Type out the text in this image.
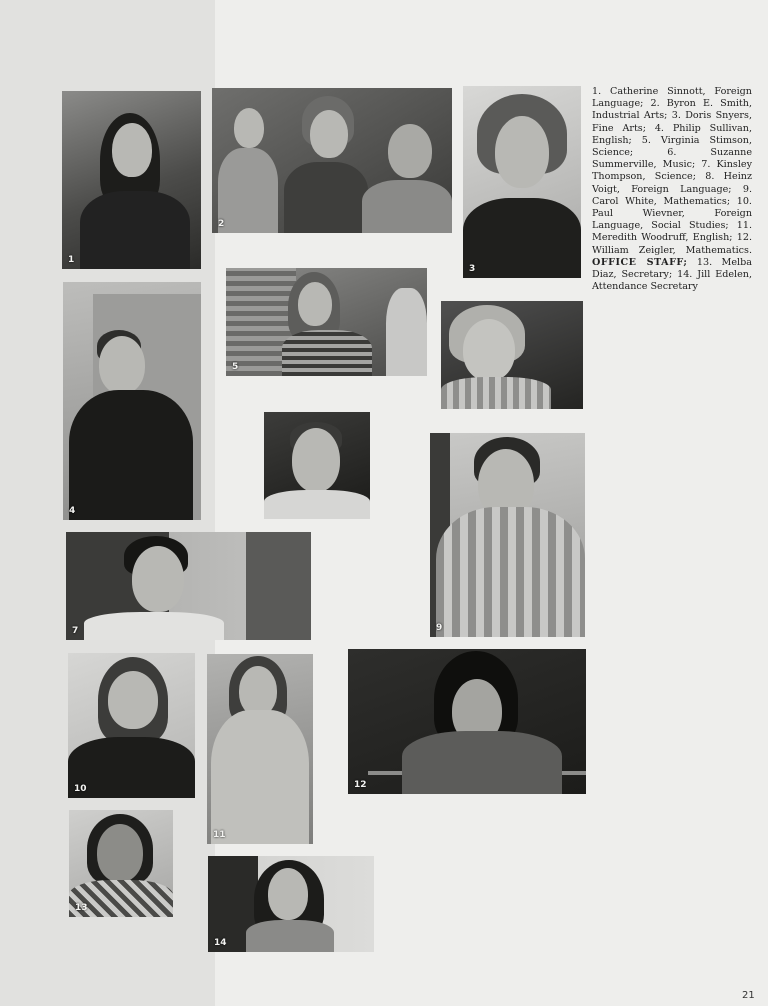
1
2
3
4
5
9
7
10
11
12
13
14

1. Catherine Sinnott, Foreign Language; 2. Byron E. Smith, Industrial Arts; 3. Doris Snyers, Fine Arts; 4. Philip Sullivan, English; 5. Virginia Stimson, Science; 6. Suzanne Summerville, Music; 7. Kinsley Thompson, Science; 8. Heinz Voigt, Foreign Language; 9. Carol White, Mathematics; 10. Paul Wievner, Foreign Language, Social Studies; 11. Meredith Woodruff, English; 12. William Zeigler, Mathematics. OFFICE STAFF; 13. Melba Diaz, Secretary; 14. Jill Edelen, Attendance Secretary

21
